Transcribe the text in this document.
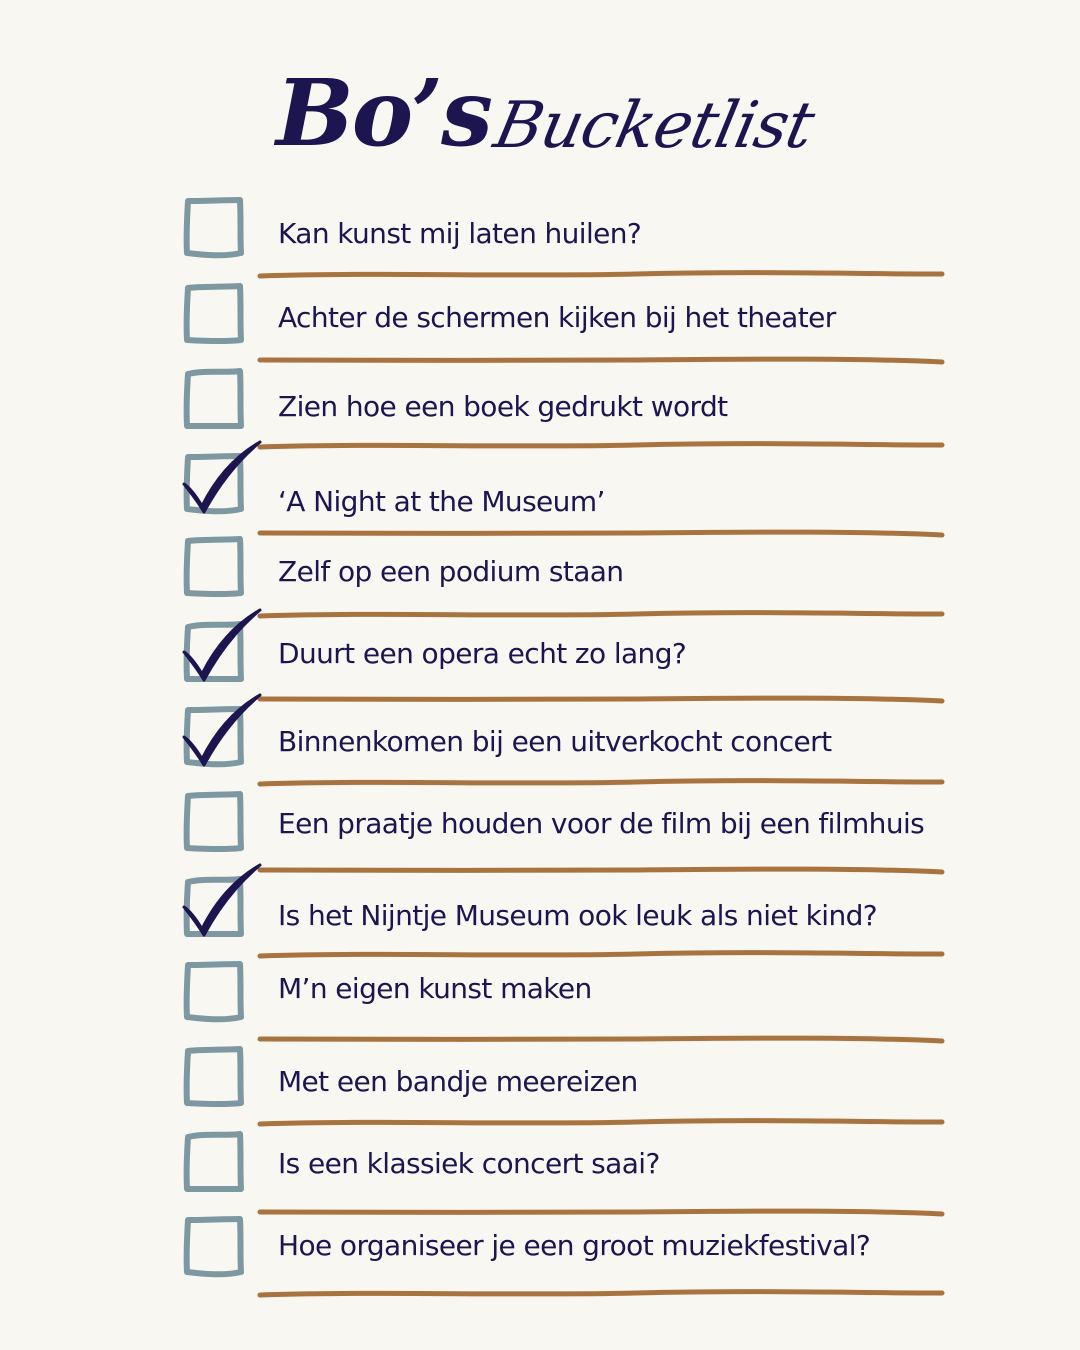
Bo’s
Bucketlist
Kan kunst mij laten huilen?
Achter de schermen kijken bij het theater
Zien hoe een boek gedrukt wordt
‘A Night at the Museum’
Zelf op een podium staan
Duurt een opera echt zo lang?
Binnenkomen bij een uitverkocht concert
Een praatje houden voor de film bij een filmhuis
Is het Nijntje Museum ook leuk als niet kind?
M’n eigen kunst maken
Met een bandje meereizen
Is een klassiek concert saai?
Hoe organiseer je een groot muziekfestival?
